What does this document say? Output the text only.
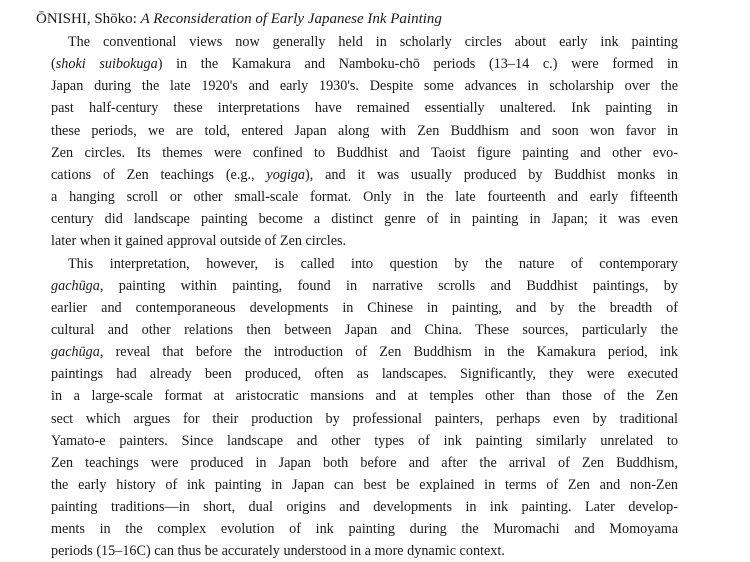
ŌNISHI, Shōko: A Reconsideration of Early Japanese Ink Painting
The conventional views now generally held in scholarly circles about early ink painting
(shoki suibokuga) in the Kamakura and Namboku-chō periods (13–14 c.) were formed in
Japan during the late 1920's and early 1930's. Despite some advances in scholarship over the
past half-century these interpretations have remained essentially unaltered. Ink painting in
these periods, we are told, entered Japan along with Zen Buddhism and soon won favor in
Zen circles. Its themes were confined to Buddhist and Taoist figure painting and other evo-
cations of Zen teachings (e.g., yogiga), and it was usually produced by Buddhist monks in
a hanging scroll or other small-scale format. Only in the late fourteenth and early fifteenth
century did landscape painting become a distinct genre of in painting in Japan; it was even
later when it gained approval outside of Zen circles.
This interpretation, however, is called into question by the nature of contemporary
gachūga, painting within painting, found in narrative scrolls and Buddhist paintings, by
earlier and contemporaneous developments in Chinese in painting, and by the breadth of
cultural and other relations then between Japan and China. These sources, particularly the
gachūga, reveal that before the introduction of Zen Buddhism in the Kamakura period, ink
paintings had already been produced, often as landscapes. Significantly, they were executed
in a large-scale format at aristocratic mansions and at temples other than those of the Zen
sect which argues for their production by professional painters, perhaps even by traditional
Yamato-e painters. Since landscape and other types of ink painting similarly unrelated to
Zen teachings were produced in Japan both before and after the arrival of Zen Buddhism,
the early history of ink painting in Japan can best be explained in terms of Zen and non-Zen
painting traditions—in short, dual origins and developments in ink painting. Later develop-
ments in the complex evolution of ink painting during the Muromachi and Momoyama
periods (15–16C) can thus be accurately understood in a more dynamic context.
